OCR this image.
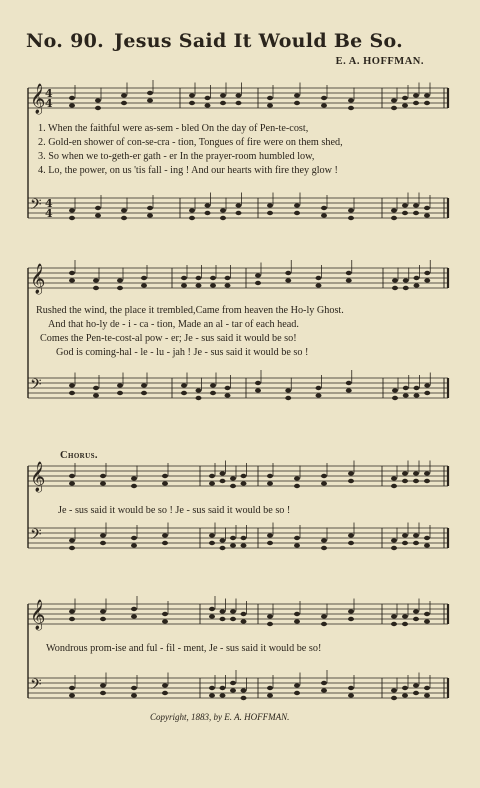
No. 90. Jesus Said It Would Be So.
E. A. HOFFMAN.
𝄞 4
4
𝄢 4
4
𝄞
𝄢
𝄞
𝄢
𝄞
𝄢
1. When the faithful were as-sem - bled On the day of Pen-te-cost,
2. Gold-en shower of con-se-cra - tion, Tongues of fire were on them shed,
3. So when we to-geth-er gath - er In the prayer-room humbled low,
4. Lo, the power, on us 'tis fall - ing ! And our hearts with fire they glow !
Rushed the wind, the place it trembled,Came from heaven the Ho-ly Ghost.
And that ho-ly de - i - ca - tion, Made an al - tar of each head.
Comes the Pen-te-cost-al pow - er; Je - sus said it would be so!
God is coming-hal - le - lu - jah ! Je - sus said it would be so !
Chorus.
Je - sus said it would be so ! Je - sus said it would be so !
Wondrous prom-ise and ful - fil - ment, Je - sus said it would be so!
Copyright, 1883, by E. A. HOFFMAN.
